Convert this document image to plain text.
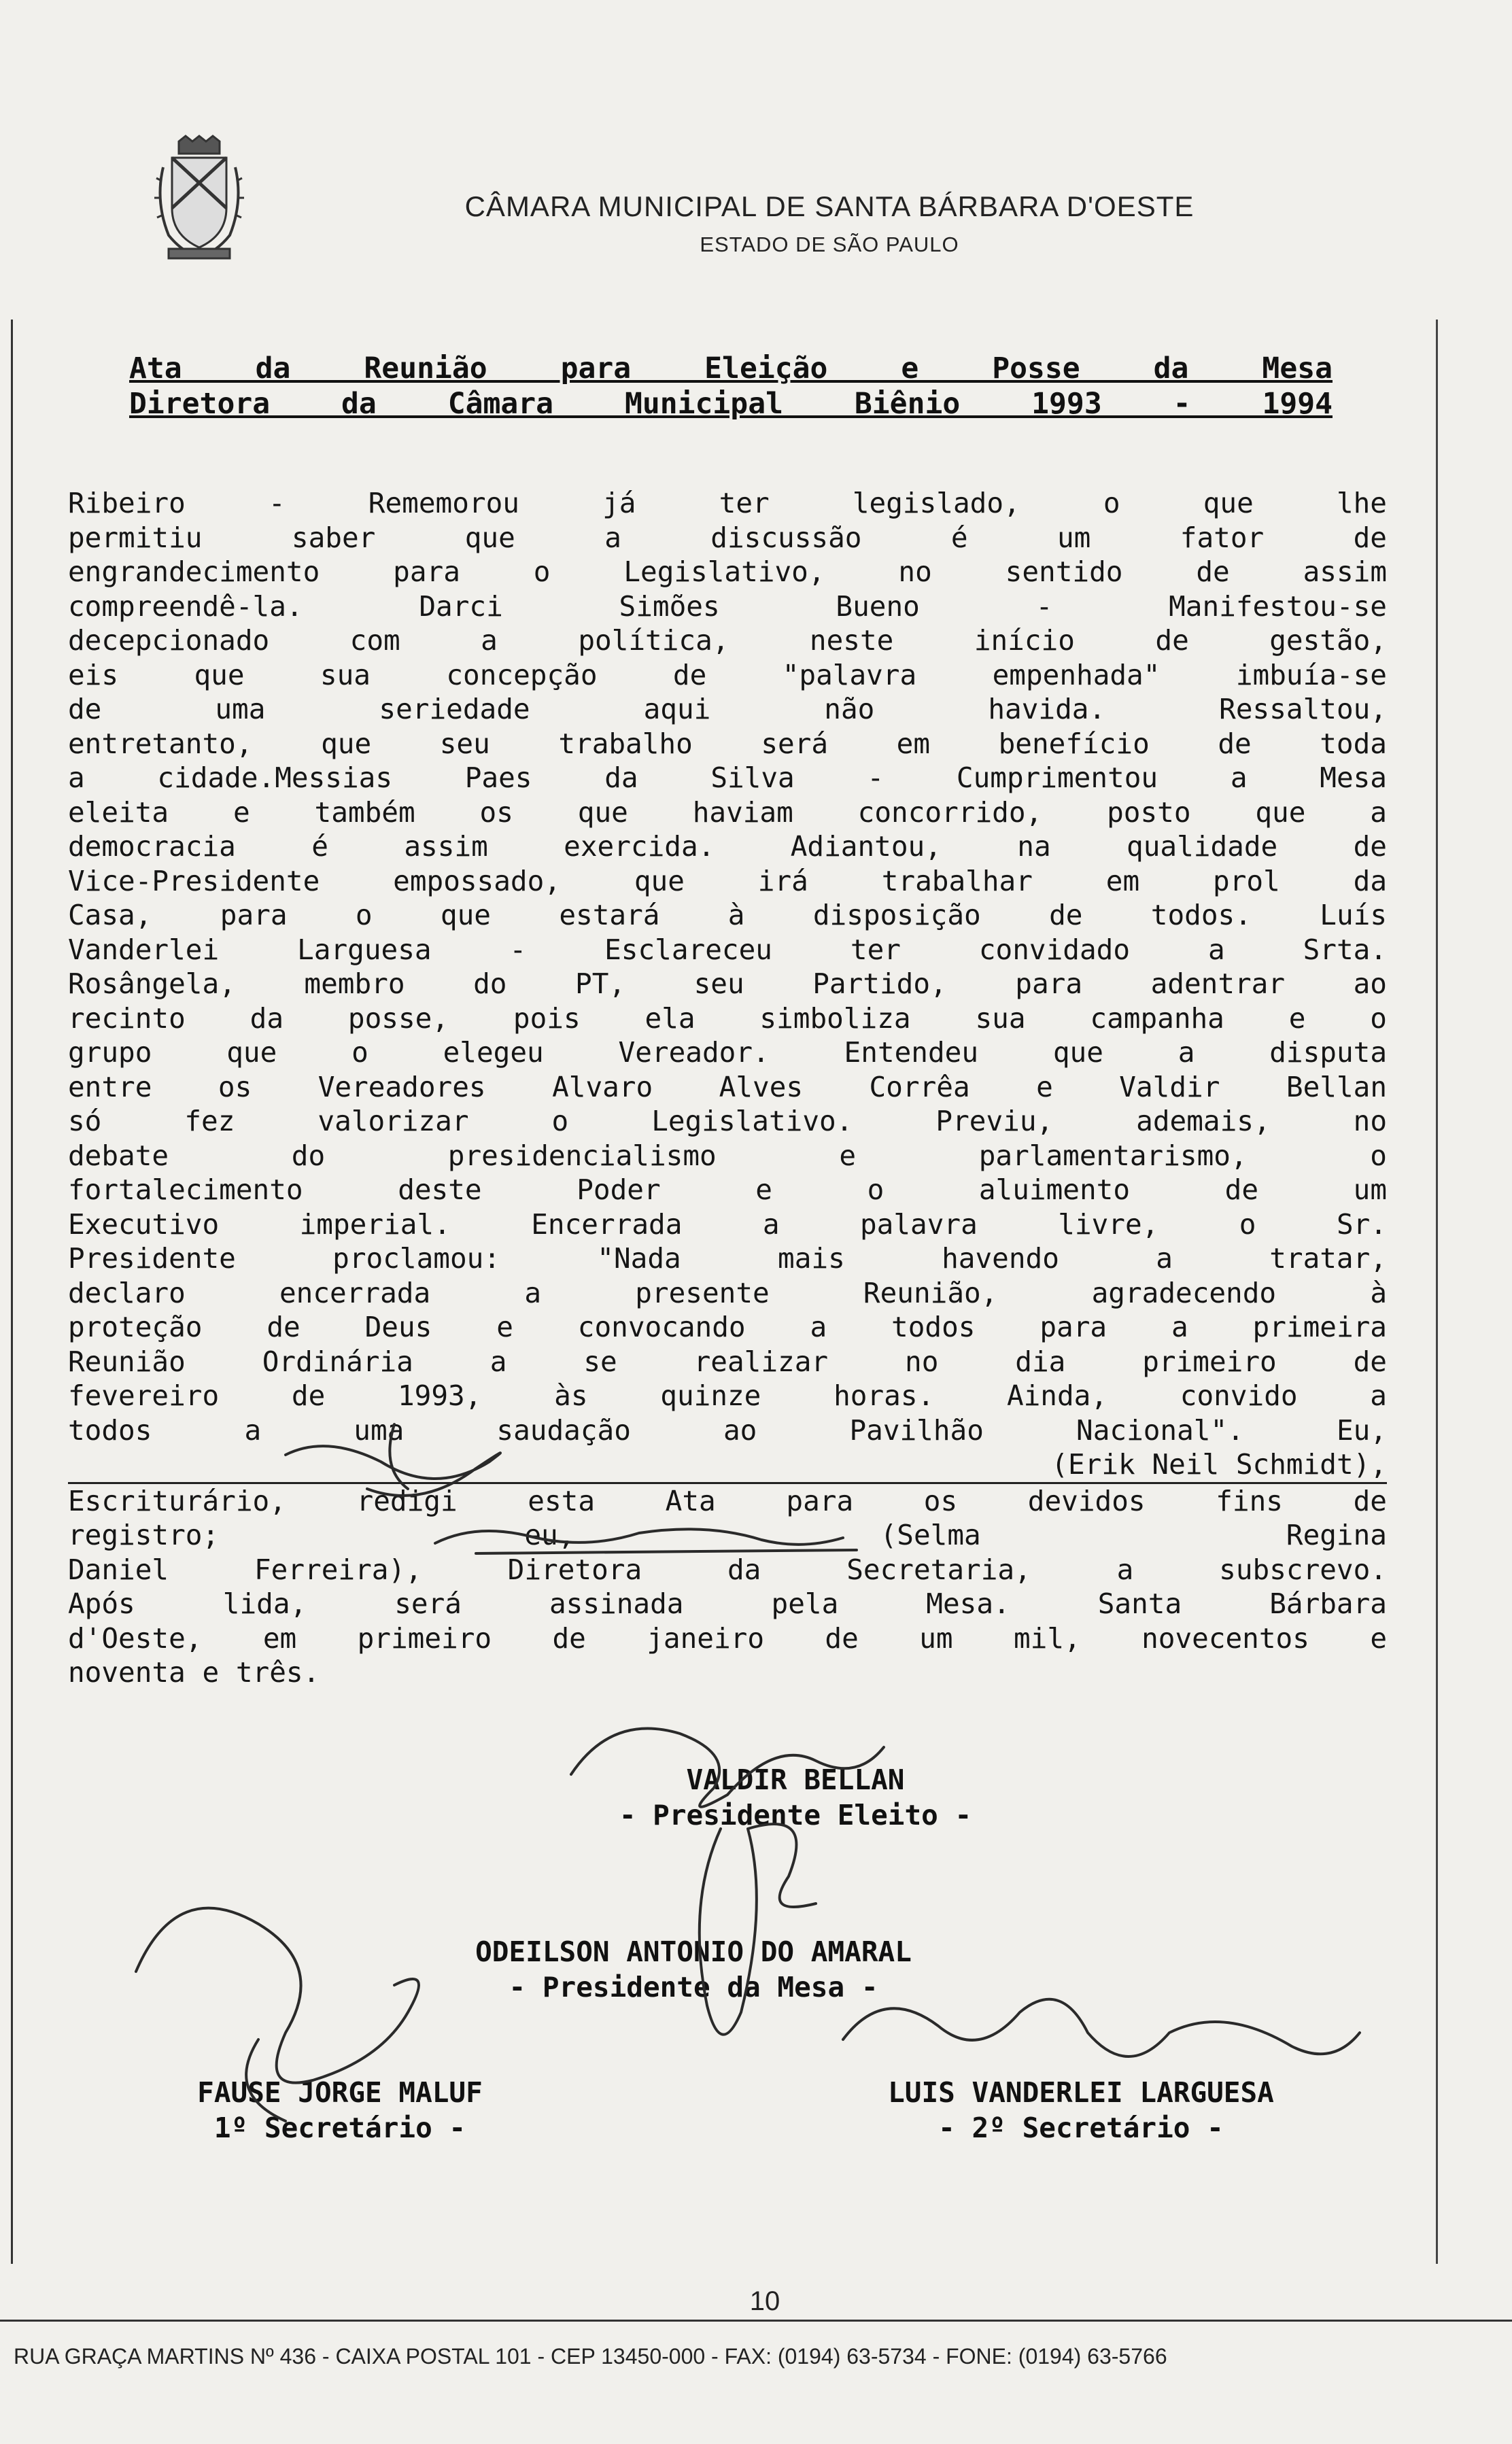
CÂMARA MUNICIPAL DE SANTA BÁRBARA D'OESTE
ESTADO DE SÃO PAULO
Ata da Reunião para Eleição e Posse da Mesa
Diretora da Câmara Municipal Biênio 1993 - 1994
Ribeiro - Rememorou já ter legislado, o que lhe
permitiu saber que a discussão é um fator de
engrandecimento para o Legislativo, no sentido de assim
compreendê-la. Darci Simões Bueno - Manifestou-se
decepcionado com a política, neste início de gestão,
eis que sua concepção de "palavra empenhada" imbuía-se
de uma seriedade aqui não havida. Ressaltou,
entretanto, que seu trabalho será em benefício de toda
a cidade.Messias Paes da Silva - Cumprimentou a Mesa
eleita e também os que haviam concorrido, posto que a
democracia é assim exercida. Adiantou, na qualidade de
Vice-Presidente empossado, que irá trabalhar em prol da
Casa, para o que estará à disposição de todos. Luís
Vanderlei Larguesa - Esclareceu ter convidado a Srta.
Rosângela, membro do PT, seu Partido, para adentrar ao
recinto da posse, pois ela simboliza sua campanha e o
grupo que o elegeu Vereador. Entendeu que a disputa
entre os Vereadores Alvaro Alves Corrêa e Valdir Bellan
só fez valorizar o Legislativo. Previu, ademais, no
debate do presidencialismo e parlamentarismo, o
fortalecimento deste Poder e o aluimento de um
Executivo imperial. Encerrada a palavra livre, o Sr.
Presidente proclamou: "Nada mais havendo a tratar,
declaro encerrada a presente Reunião, agradecendo à
proteção de Deus e convocando a todos para a primeira
Reunião Ordinária a se realizar no dia primeiro de
fevereiro de 1993, às quinze horas. Ainda, convido a
todos a uma saudação ao Pavilhão Nacional". Eu,
(Erik Neil Schmidt),
Escriturário, redigi esta Ata para os devidos fins de
registro; eu, (Selma Regina
Daniel Ferreira), Diretora da Secretaria, a subscrevo.
Após lida, será assinada pela Mesa. Santa Bárbara
d'Oeste, em primeiro de janeiro de um mil, novecentos e
noventa e três.
VALDIR BELLAN
- Presidente Eleito -
ODEILSON ANTONIO DO AMARAL
- Presidente da Mesa -
FAUSE JORGE MALUF
1º Secretário -
LUIS VANDERLEI LARGUESA
- 2º Secretário -
10
RUA GRAÇA MARTINS Nº 436 - CAIXA POSTAL 101 - CEP 13450-000 - FAX: (0194) 63-5734 - FONE: (0194) 63-5766
